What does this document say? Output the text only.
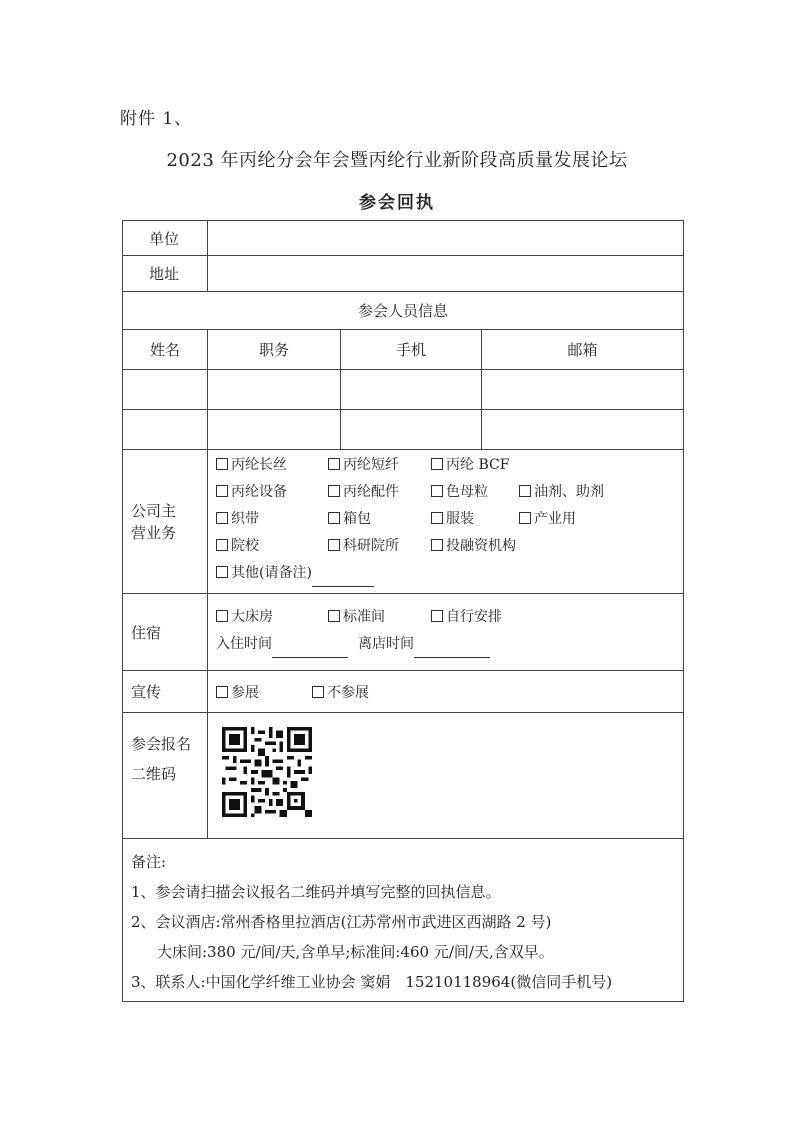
附件 1、
2023 年丙纶分会年会暨丙纶行业新阶段高质量发展论坛
参会回执
单位			
地址			
参会人员信息			
姓名	职务	手机	邮箱

公司主营业务	丙纶长丝 丙纶短纤 丙纶 BCF
丙纶设备 丙纶配件 色母粒 油剂、助剂
织带 箱包 服装 产业用
院校 科研院所 投融资机构
其他(请备注)		

住宿	大床房 标准间 自行安排
入住时间 离店时间		

宣传	参展 不参展		

参会报名
二维码

备注:
1、参会请扫描会议报名二维码并填写完整的回执信息。
2、会议酒店:常州香格里拉酒店(江苏常州市武进区西湖路 2 号)
大床间:380 元/间/天,含单早;标准间:460 元/间/天,含双早。
3、联系人:中国化学纤维工业协会 窦娟　15210118964(微信同手机号)			
